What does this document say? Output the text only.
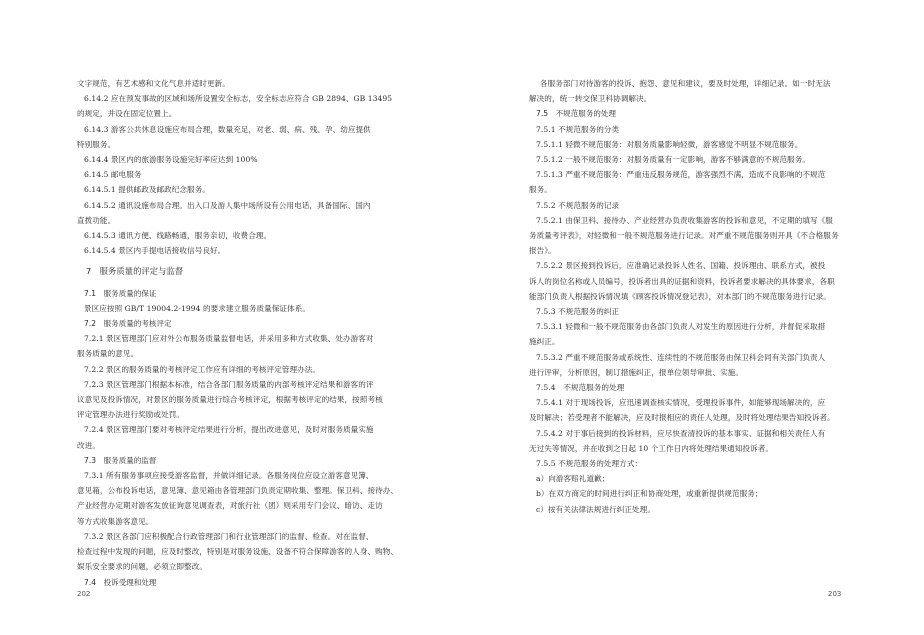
文字规范，有艺术感和文化气息并适时更新。
6.14.2 应在预发事故的区域和场所设置安全标志，安全标志应符合 GB 2894、GB 13495
的规定，并设在固定位置上。
6.14.3 游客公共休息设施应布局合理，数量充足，对老、弱、病、残、孕、幼应提供
特别服务。
6.14.4 景区内的旅游服务设施完好率应达到 100%
6.14.5 邮电服务
6.14.5.1 提供邮政及邮政纪念服务。
6.14.5.2 通讯设施布局合理。出入口及游人集中场所设有公用电话，具备国际、国内
直拨功能。
6.14.5.3 通讯方便、线路畅通，服务亲切，收费合理。
6.14.5.4 景区内手提电话接收信号良好。
7　服务质量的评定与监督
7.1　服务质量的保证
景区应按照 GB/T 19004.2-1994 的要求建立服务质量保证体系。
7.2　服务质量的考核评定
7.2.1 景区管理部门应对外公布服务质量监督电话，并采用多种方式收集、处办游客对
服务质量的意见。
7.2.2 景区的服务质量的考核评定工作应有详细的考核评定管理办法。
7.2.3 景区管理部门根据本标准，结合各部门服务质量的内部考核评定结果和游客的评
议意见及投诉情况，对景区的服务质量进行综合考核评定，根据考核评定的结果，按照考核
评定管理办法进行奖励或处罚。
7.2.4 景区管理部门要对考核评定结果进行分析，提出改进意见，及时对服务质量实施
改进。
7.3　服务质量的监督
7.3.1 所有服务事项应接受游客监督，并做详细记录。各服务岗位应设立游客意见簿、
意见箱，公布投诉电话，意见簿、意见箱由各管理部门负责定期收集、整理。保卫科、接待办、
产业经营办定期对游客发放征询意见调查表，对旅行社（团）则采用专门会议、暗访、走访
等方式收集游客意见。
7.3.2 景区各部门应积极配合行政管理部门和行业管理部门的监督、检查。对在监督、
检查过程中发现的问题，应及时整改，特别是对服务设施、设备不符合保障游客的人身、购物、
娱乐安全要求的问题，必须立即整改。
7.4　投诉受理和处理
各服务部门对待游客的投诉、抱怨、意见和建议，要及时处理，详细记录。如一时无法
解决的，统一转交保卫科协调解决。
7.5　不规范服务的处理
7.5.1 不规范服务的分类
7.5.1.1 轻微不规范服务：对服务质量影响轻微，游客感觉不明显不规范服务。
7.5.1.2 一般不规范服务：对服务质量有一定影响，游客不够满意的不规范服务。
7.5.1.3 严重不规范服务：严重违反服务规范，游客强烈不满，造成不良影响的不规范
服务。
7.5.2 不规范服务的记录
7.5.2.1 由保卫科、接待办、产业经营办负责收集游客的投诉和意见，不定期的填写《服
务质量考评表》，对轻微和一般不规范服务进行记录。对严重不规范服务则开具《不合格服务
报告》。
7.5.2.2 景区接到投诉后，应准确记录投诉人姓名、国籍、投诉理由、联系方式，被投
诉人的岗位名称或人员编号，投诉者出具的证据和资料，投诉者要求解决的具体要求，各职
能部门负责人根据投诉情况填《顾客投诉情况登记表》，对本部门的不规范服务进行记录。
7.5.3 不规范服务的纠正
7.5.3.1 轻微和一般不规范服务由各部门负责人对发生的原因进行分析，并督促采取措
施纠正。
7.5.3.2 严重不规范服务或系统性、连续性的不规范服务由保卫科会同有关部门负责人
进行评审，分析原因，制订措施纠正，报单位领导审批、实施。
7.5.4　不规范服务的处理
7.5.4.1 对于现场投诉，应迅速调查核实情况，受理投诉事件，如能够现场解决的，应
及时解决；若受理者不能解决，应及时报相应的责任人处理，及时将处理结果告知投诉者。
7.5.4.2 对于事后接到的投诉材料，应尽快查清投诉的基本事实、证据和相关责任人有
无过失等情况，并在收到之日起 10 个工作日内将处理结果通知投诉者。
7.5.5 不规范服务的处理方式：
a）向游客赔礼道歉；
b）在双方商定的时间进行纠正和协商处理，或重新提供规范服务；
c）按有关法律法规进行纠正处理。
202	203
